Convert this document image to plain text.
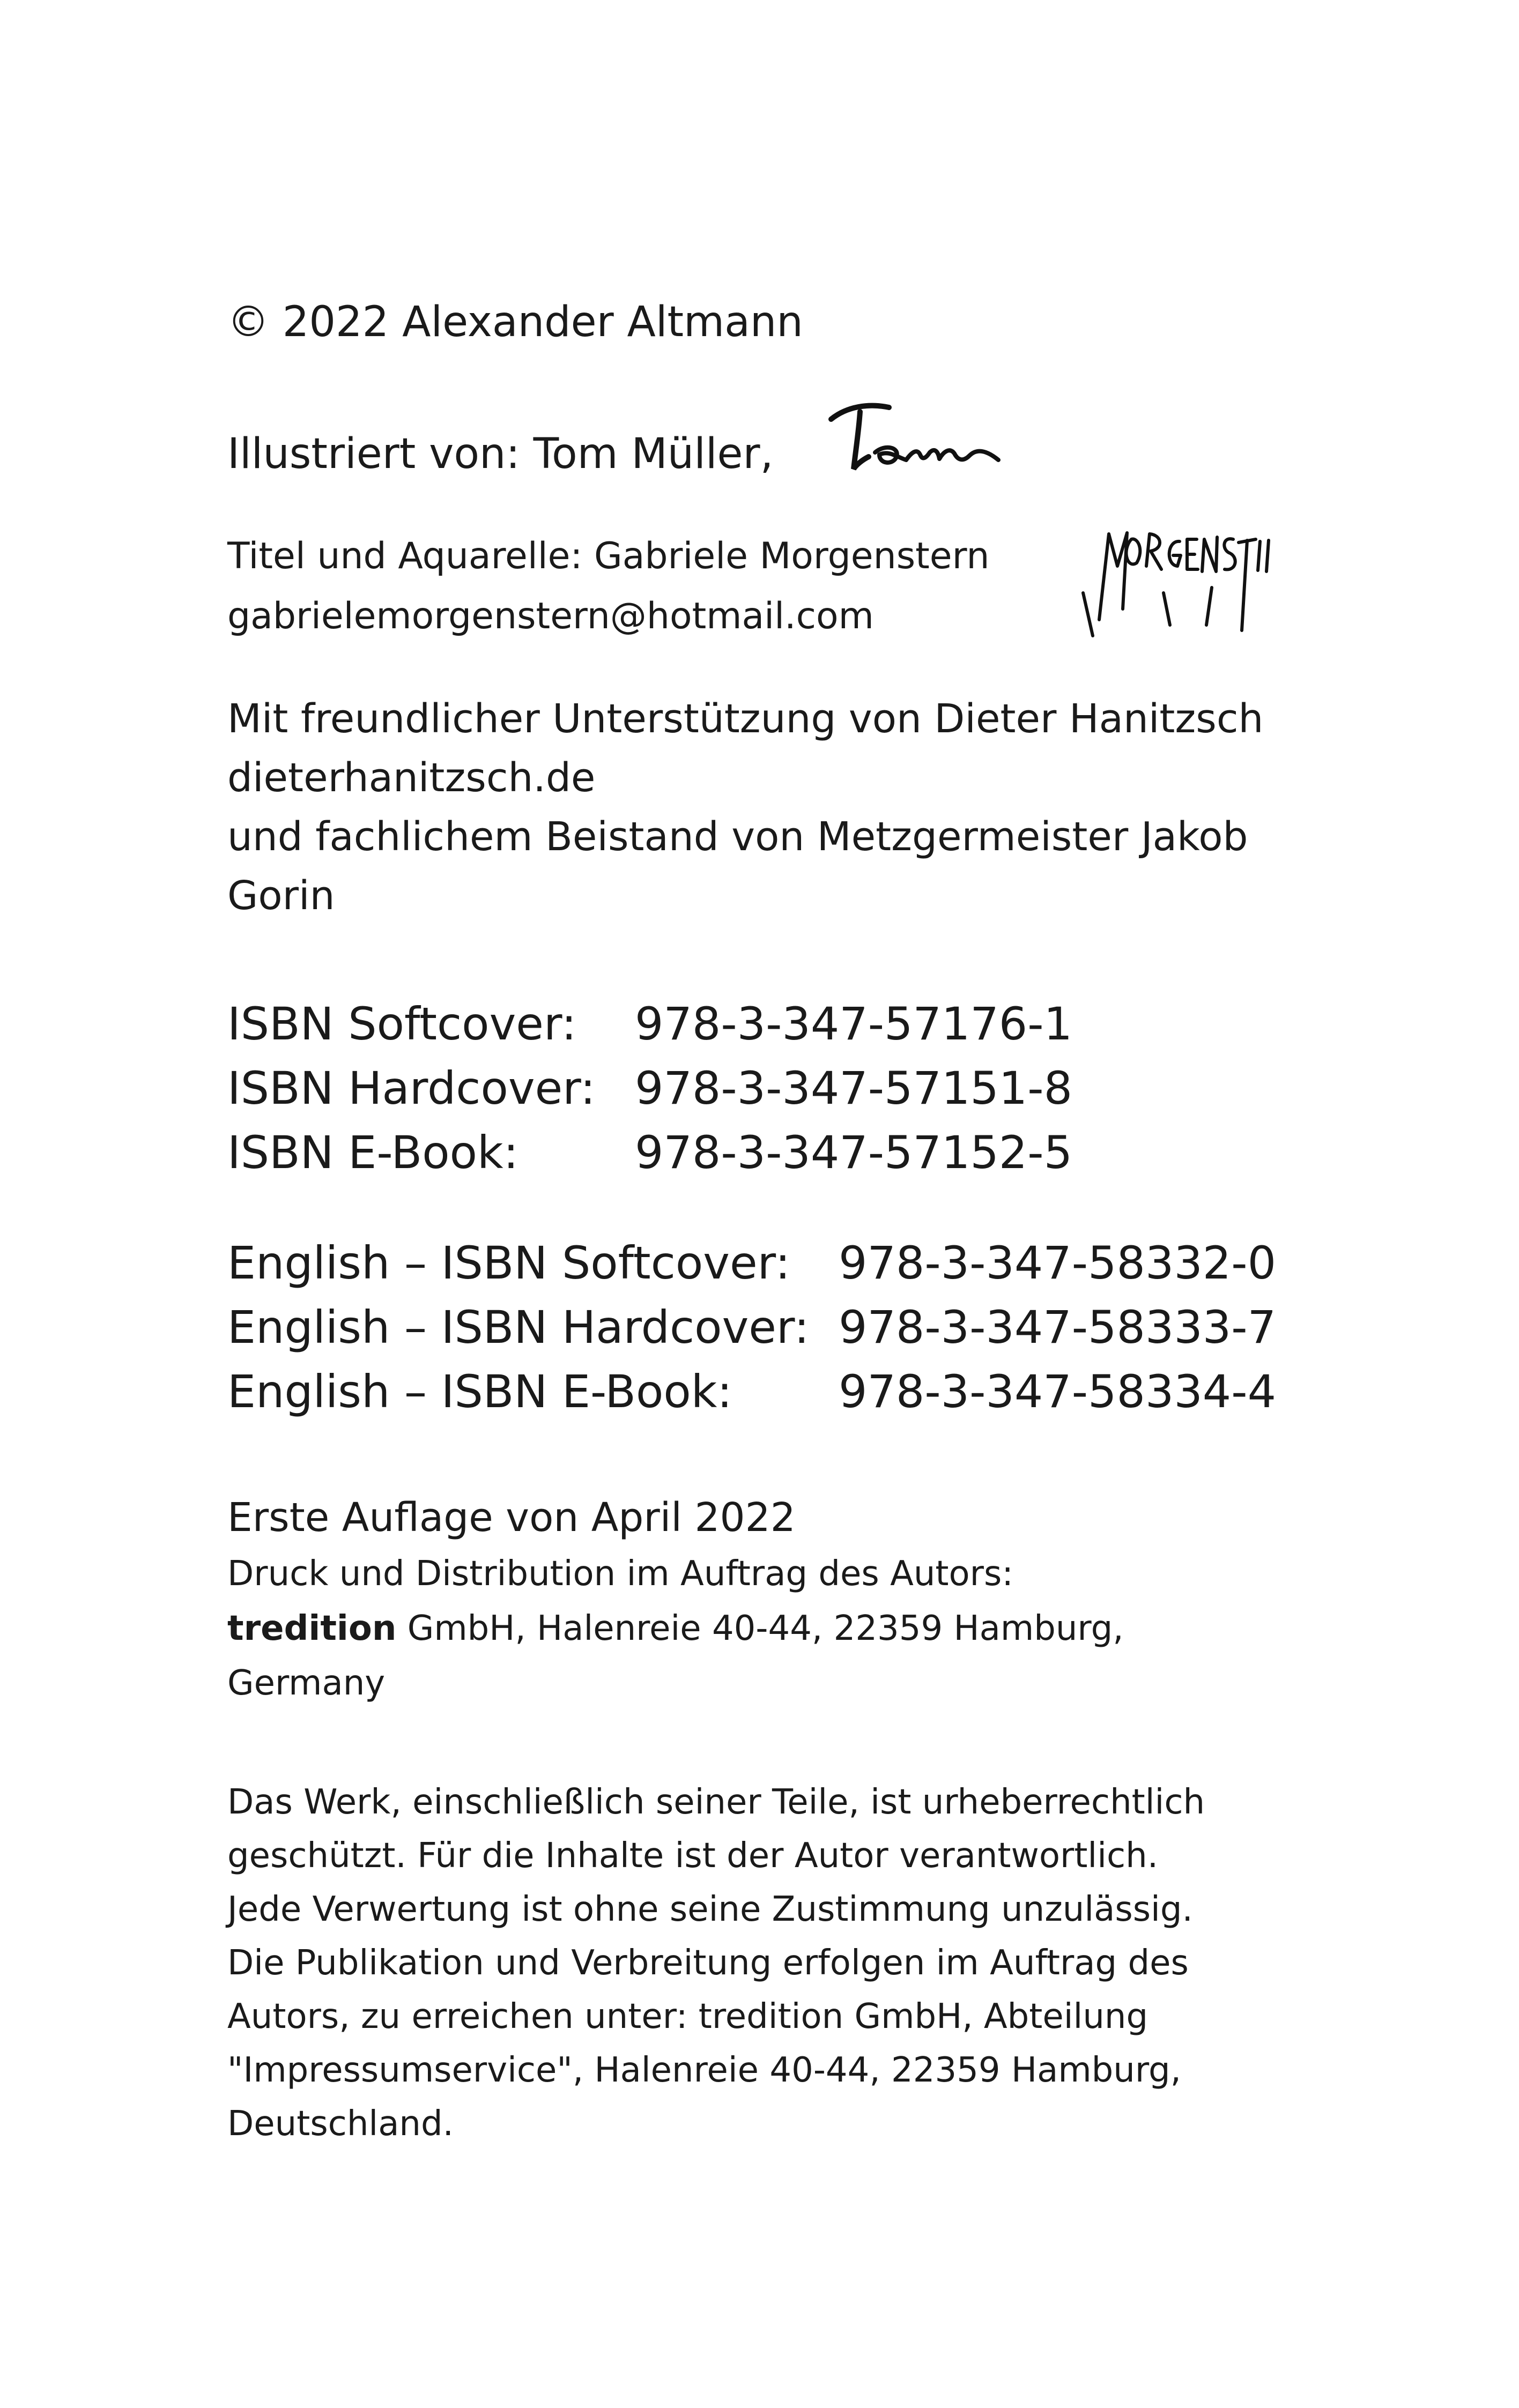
© 2022 Alexander Altmann
Illustriert von: Tom Müller,
Titel und Aquarelle: Gabriele Morgenstern
gabrielemorgenstern@hotmail.com
Mit freundlicher Unterstützung von Dieter Hanitzsch
dieterhanitzsch.de
und fachlichem Beistand von Metzgermeister Jakob
Gorin
ISBN Softcover: 978-3-347-57176-1
ISBN Hardcover: 978-3-347-57151-8
ISBN E-Book:	978-3-347-57152-5
English – ISBN Softcover: 978-3-347-58332-0
English – ISBN Hardcover: 978-3-347-58333-7
English – ISBN E-Book: 978-3-347-58334-4
Erste Auflage von April 2022
Druck und Distribution im Auftrag des Autors:
tredition GmbH, Halenreie 40-44, 22359 Hamburg,
Germany
Das Werk, einschließlich seiner Teile, ist urheberrechtlich
geschützt. Für die Inhalte ist der Autor verantwortlich.
Jede Verwertung ist ohne seine Zustimmung unzulässig.
Die Publikation und Verbreitung erfolgen im Auftrag des
Autors, zu erreichen unter: tredition GmbH, Abteilung
"Impressumservice", Halenreie 40-44, 22359 Hamburg,
Deutschland.
